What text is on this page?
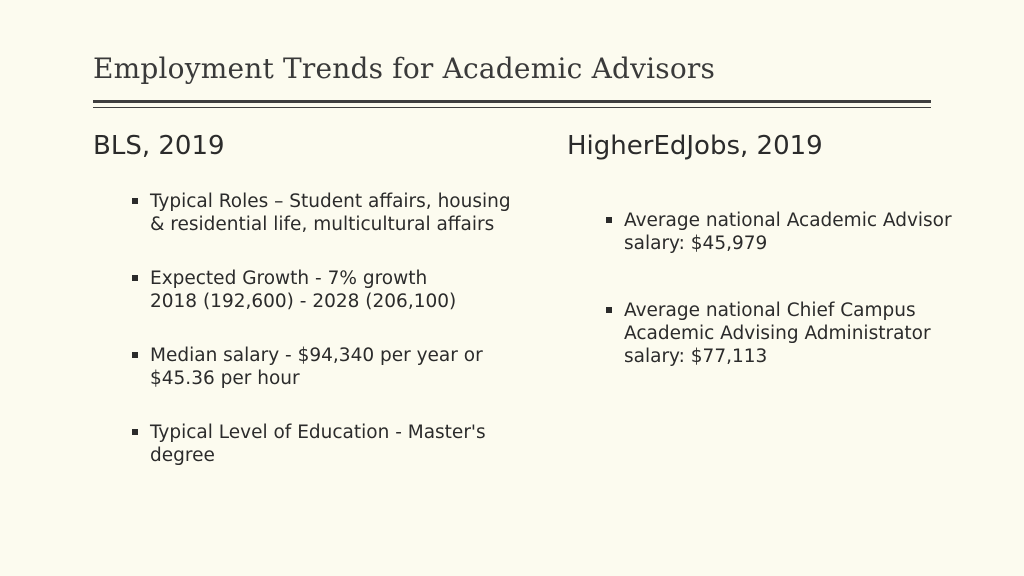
Employment Trends for Academic Advisors
BLS, 2019	HigherEdJobs, 2019
Typical Roles – Student affairs, housing
& residential life, multicultural affairs
Expected Growth - 7% growth
2018 (192,600) - 2028 (206,100)
Median salary - $94,340 per year or
$45.36 per hour
Typical Level of Education - Master's
degree
Average national Academic Advisor
salary: $45,979
Average national Chief Campus
Academic Advising Administrator
salary: $77,113
